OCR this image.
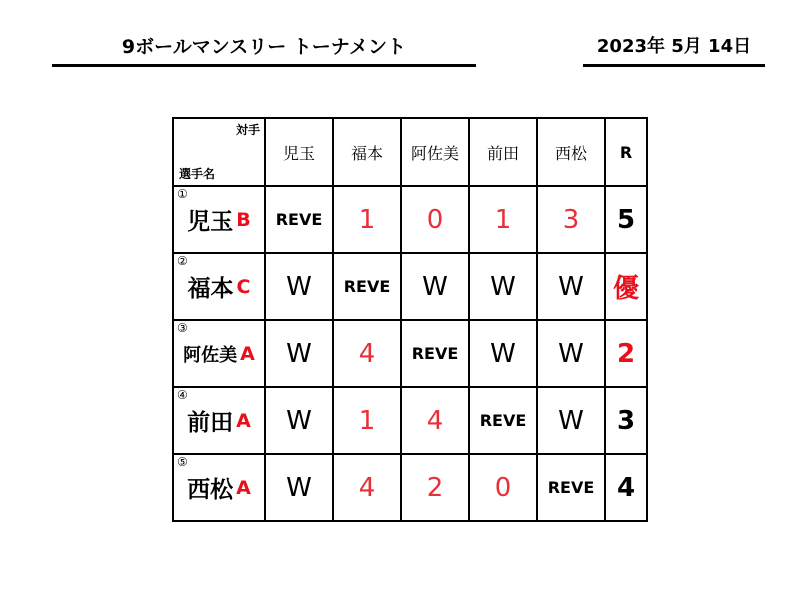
9ボールマンスリー トーナメント	2023年 5月 14日
対手
選手名	児玉	福本	阿佐美	前田	西松	R

①
児玉 B	REVE	1	0	1	3	5

②
福本 C	W	REVE	W	W	W	優

③
阿佐美 A	W	4	REVE	W	W	2

④
前田 A	W	1	4	REVE	W	3

⑤
西松 A	W	4	2	0	REVE	4
